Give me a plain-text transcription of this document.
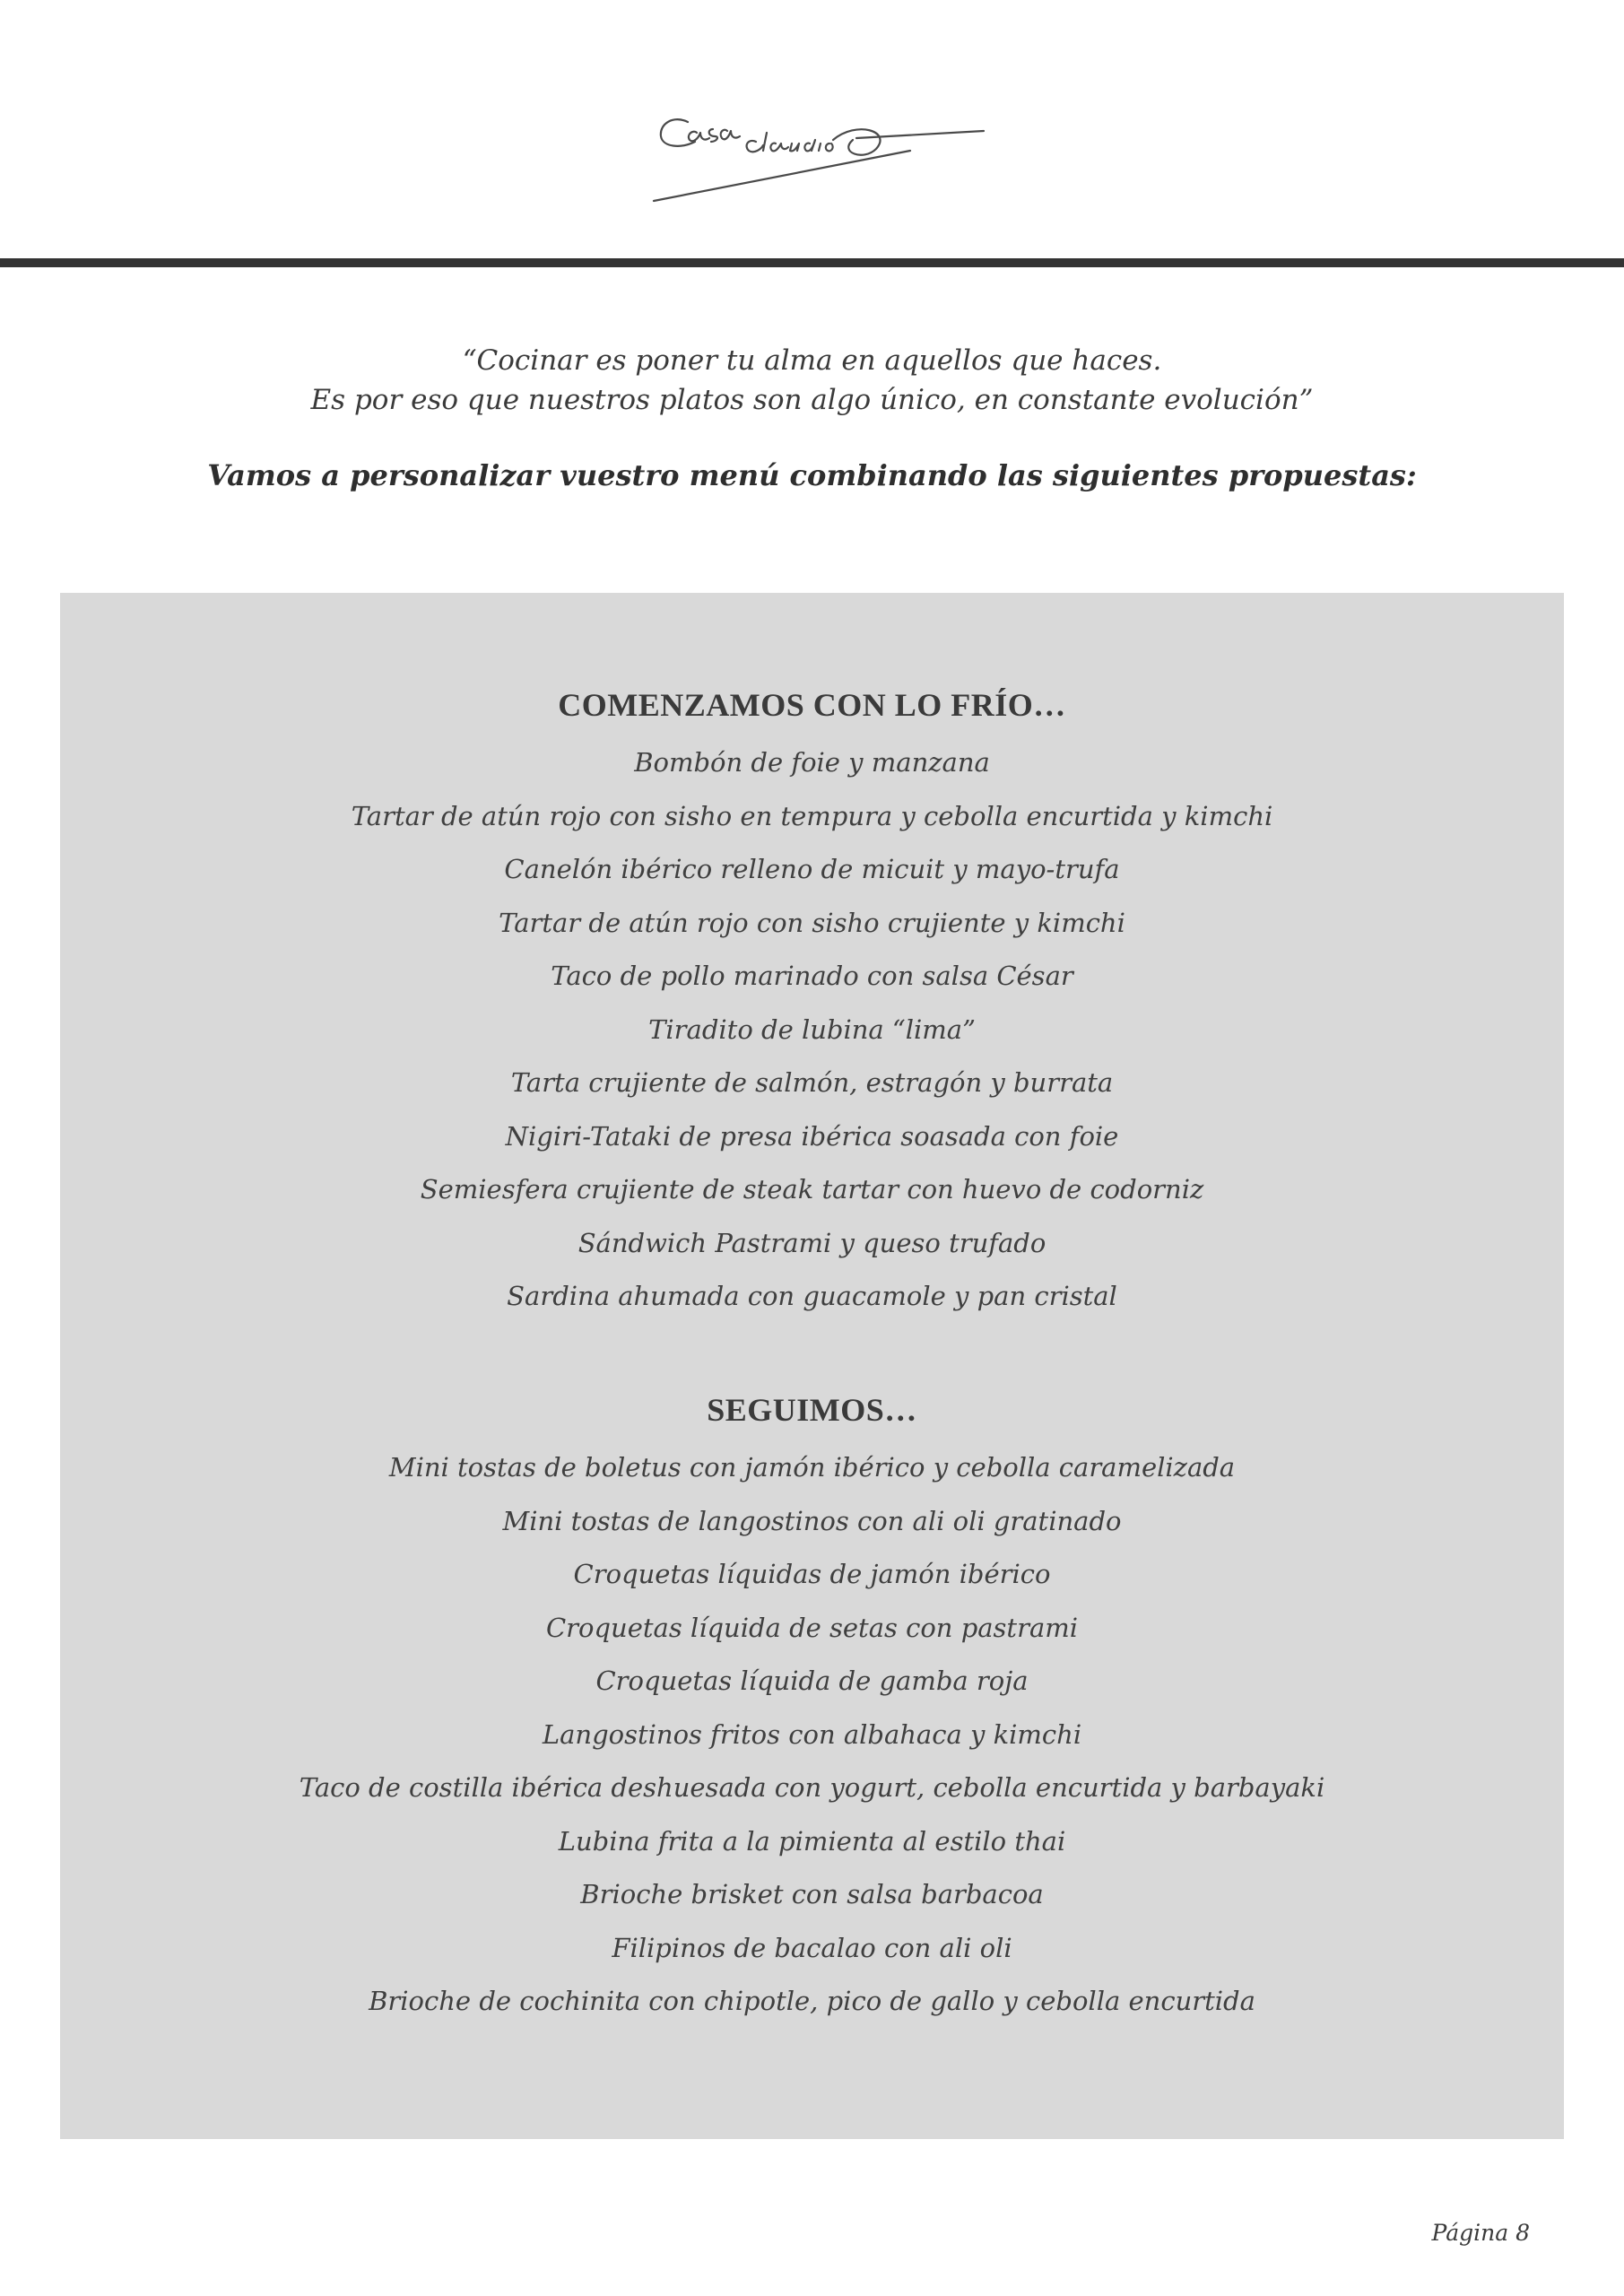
“Cocinar es poner tu alma en aquellos que haces.

Es por eso que nuestros platos son algo único, en constante evolución”

Vamos a personalizar vuestro menú combinando las siguientes propuestas:

COMENZAMOS CON LO FRÍO…

Bombón de foie y manzana

Tartar de atún rojo con sisho en tempura y cebolla encurtida y kimchi

Canelón ibérico relleno de micuit y mayo-trufa

Tartar de atún rojo con sisho crujiente y kimchi

Taco de pollo marinado con salsa César

Tiradito de lubina “lima”

Tarta crujiente de salmón, estragón y burrata

Nigiri-Tataki de presa ibérica soasada con foie

Semiesfera crujiente de steak tartar con huevo de codorniz

Sándwich Pastrami y queso trufado

Sardina ahumada con guacamole y pan cristal

SEGUIMOS…

Mini tostas de boletus con jamón ibérico y cebolla caramelizada

Mini tostas de langostinos con ali oli gratinado

Croquetas líquidas de jamón ibérico

Croquetas líquida de setas con pastrami

Croquetas líquida de gamba roja

Langostinos fritos con albahaca y kimchi

Taco de costilla ibérica deshuesada con yogurt, cebolla encurtida y barbayaki

Lubina frita a la pimienta al estilo thai

Brioche brisket con salsa barbacoa

Filipinos de bacalao con ali oli

Brioche de cochinita con chipotle, pico de gallo y cebolla encurtida

Página 8
